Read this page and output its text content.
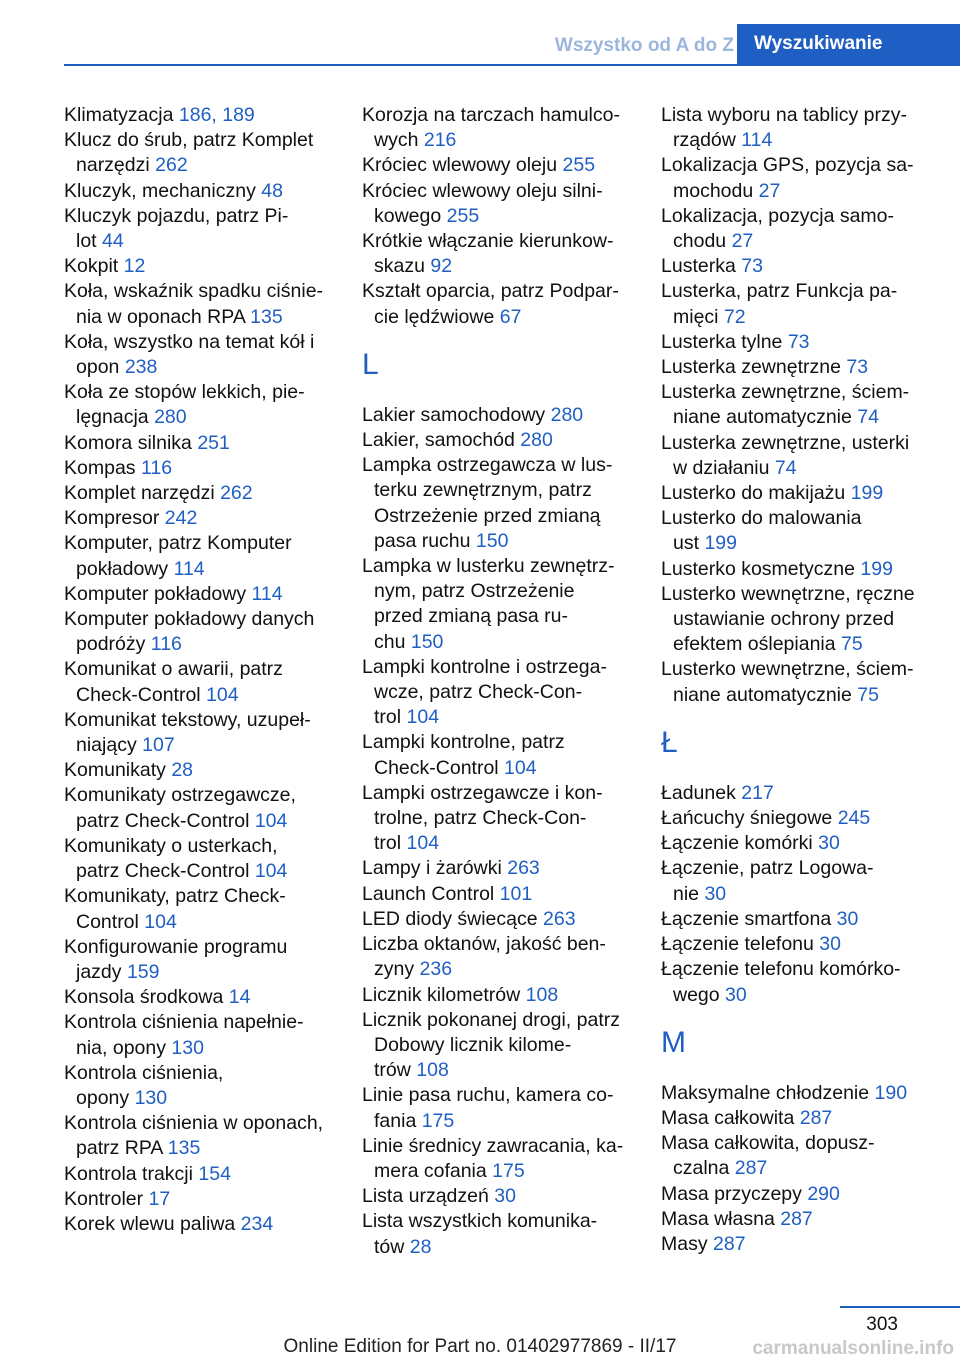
Wszystko od A do Z	Wyszukiwanie
Klimatyzacja 186, 189
Klucz do śrub, patrz Komplet
narzędzi 262
Kluczyk, mechaniczny 48
Kluczyk pojazdu, patrz Pi-
lot 44
Kokpit 12
Koła, wskaźnik spadku ciśnie-
nia w oponach RPA 135
Koła, wszystko na temat kół i
opon 238
Koła ze stopów lekkich, pie-
lęgnacja 280
Komora silnika 251
Kompas 116
Komplet narzędzi 262
Kompresor 242
Komputer, patrz Komputer
pokładowy 114
Komputer pokładowy 114
Komputer pokładowy danych
podróży 116
Komunikat o awarii, patrz
Check-Control 104
Komunikat tekstowy, uzupeł-
niający 107
Komunikaty 28
Komunikaty ostrzegawcze,
patrz Check-Control 104
Komunikaty o usterkach,
patrz Check-Control 104
Komunikaty, patrz Check-
Control 104
Konfigurowanie programu
jazdy 159
Konsola środkowa 14
Kontrola ciśnienia napełnie-
nia, opony 130
Kontrola ciśnienia,
opony 130
Kontrola ciśnienia w oponach,
patrz RPA 135
Kontrola trakcji 154
Kontroler 17
Korek wlewu paliwa 234
Korozja na tarczach hamulco-
wych 216
Króciec wlewowy oleju 255
Króciec wlewowy oleju silni-
kowego 255
Krótkie włączanie kierunkow-
skazu 92
Kształt oparcia, patrz Podpar-
cie lędźwiowe 67
L
Lakier samochodowy 280
Lakier, samochód 280
Lampka ostrzegawcza w lus-
terku zewnętrznym, patrz
Ostrzeżenie przed zmianą
pasa ruchu 150
Lampka w lusterku zewnętrz-
nym, patrz Ostrzeżenie
przed zmianą pasa ru-
chu 150
Lampki kontrolne i ostrzega-
wcze, patrz Check-Con-
trol 104
Lampki kontrolne, patrz
Check-Control 104
Lampki ostrzegawcze i kon-
trolne, patrz Check-Con-
trol 104
Lampy i żarówki 263
Launch Control 101
LED diody świecące 263
Liczba oktanów, jakość ben-
zyny 236
Licznik kilometrów 108
Licznik pokonanej drogi, patrz
Dobowy licznik kilome-
trów 108
Linie pasa ruchu, kamera co-
fania 175
Linie średnicy zawracania, ka-
mera cofania 175
Lista urządzeń 30
Lista wszystkich komunika-
tów 28
Lista wyboru na tablicy przy-
rządów 114
Lokalizacja GPS, pozycja sa-
mochodu 27
Lokalizacja, pozycja samo-
chodu 27
Lusterka 73
Lusterka, patrz Funkcja pa-
mięci 72
Lusterka tylne 73
Lusterka zewnętrzne 73
Lusterka zewnętrzne, ściem-
niane automatycznie 74
Lusterka zewnętrzne, usterki
w działaniu 74
Lusterko do makijażu 199
Lusterko do malowania
ust 199
Lusterko kosmetyczne 199
Lusterko wewnętrzne, ręczne
ustawianie ochrony przed
efektem oślepiania 75
Lusterko wewnętrzne, ściem-
niane automatycznie 75
Ł
Ładunek 217
Łańcuchy śniegowe 245
Łączenie komórki 30
Łączenie, patrz Logowa-
nie 30
Łączenie smartfona 30
Łączenie telefonu 30
Łączenie telefonu komórko-
wego 30
M
Maksymalne chłodzenie 190
Masa całkowita 287
Masa całkowita, dopusz-
czalna 287
Masa przyczepy 290
Masa własna 287
Masy 287
303
Online Edition for Part no. 01402977869 - II/17	carmanualsonline.info
